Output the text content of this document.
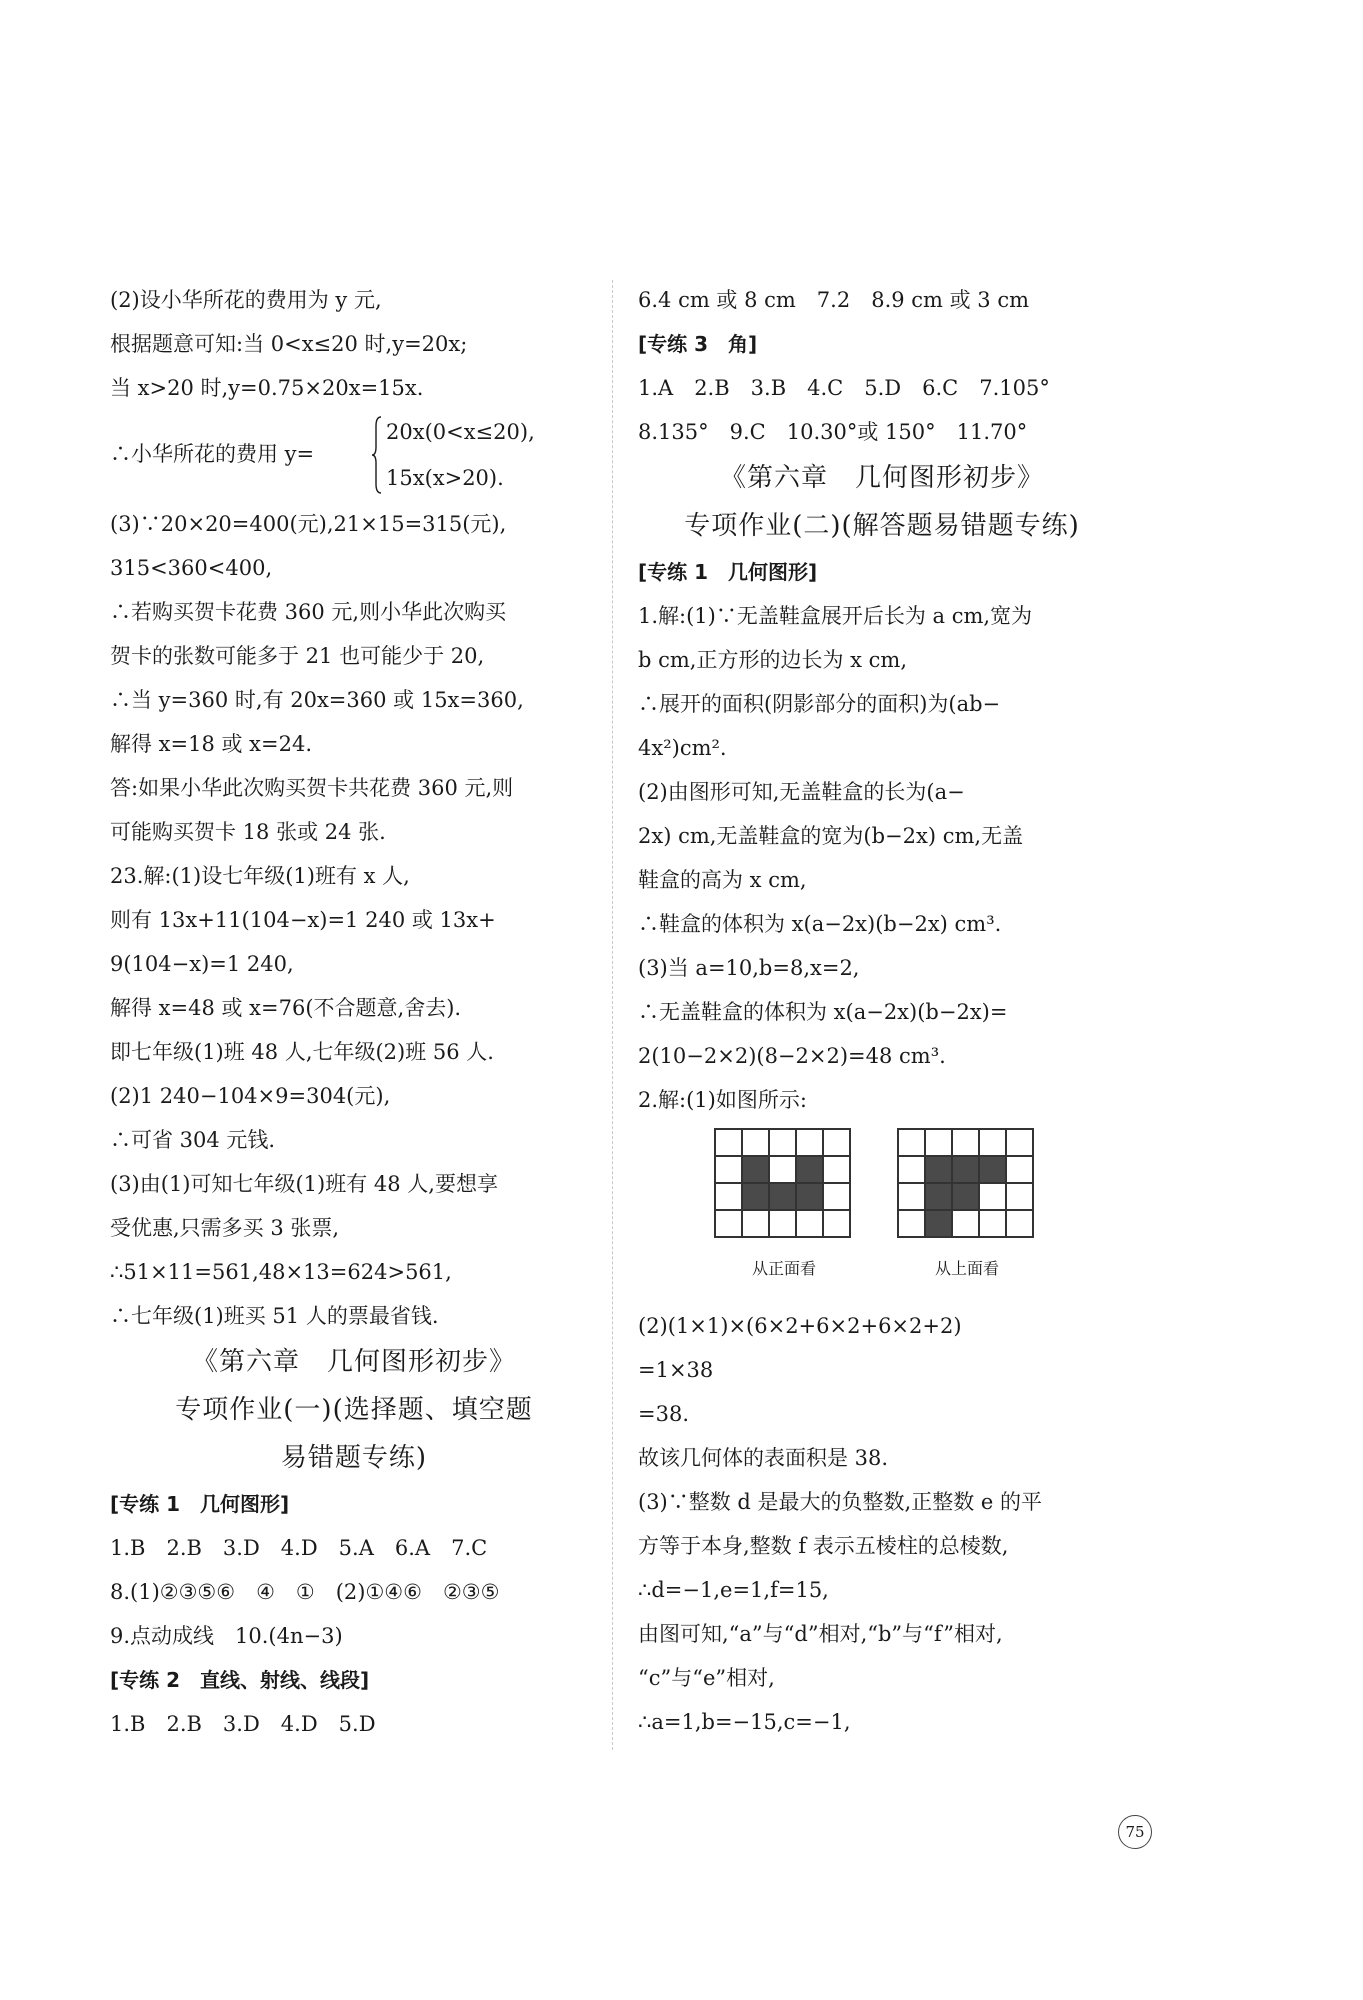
(2)设小华所花的费用为 y 元,
根据题意可知:当 0<x≤20 时,y=20x;
当 x>20 时,y=0.75×20x=15x.
∴小华所花的费用 y=
20x(0<x≤20),
15x(x>20).
(3)∵20×20=400(元),21×15=315(元),
315<360<400,
∴若购买贺卡花费 360 元,则小华此次购买
贺卡的张数可能多于 21 也可能少于 20,
∴当 y=360 时,有 20x=360 或 15x=360,
解得 x=18 或 x=24.
答:如果小华此次购买贺卡共花费 360 元,则
可能购买贺卡 18 张或 24 张.
23.解:(1)设七年级(1)班有 x 人,
则有 13x+11(104−x)=1 240 或 13x+
9(104−x)=1 240,
解得 x=48 或 x=76(不合题意,舍去).
即七年级(1)班 48 人,七年级(2)班 56 人.
(2)1 240−104×9=304(元),
∴可省 304 元钱.
(3)由(1)可知七年级(1)班有 48 人,要想享
受优惠,只需多买 3 张票,
∴51×11=561,48×13=624>561,
∴七年级(1)班买 51 人的票最省钱.
《第六章　几何图形初步》
专项作业(一)(选择题、填空题
易错题专练)
[专练 1　几何图形]
1.B　2.B　3.D　4.D　5.A　6.A　7.C
8.(1)②③⑤⑥　④　①　(2)①④⑥　②③⑤
9.点动成线　10.(4n−3)
[专练 2　直线、射线、线段]
1.B　2.B　3.D　4.D　5.D
6.4 cm 或 8 cm　7.2　8.9 cm 或 3 cm
[专练 3　角]
1.A　2.B　3.B　4.C　5.D　6.C　7.105°
8.135°　9.C　10.30°或 150°　11.70°
《第六章　几何图形初步》
专项作业(二)(解答题易错题专练)
[专练 1　几何图形]
1.解:(1)∵无盖鞋盒展开后长为 a cm,宽为
b cm,正方形的边长为 x cm,
∴展开的面积(阴影部分的面积)为(ab−
4x²)cm².
(2)由图形可知,无盖鞋盒的长为(a−
2x) cm,无盖鞋盒的宽为(b−2x) cm,无盖
鞋盒的高为 x cm,
∴鞋盒的体积为 x(a−2x)(b−2x) cm³.
(3)当 a=10,b=8,x=2,
∴无盖鞋盒的体积为 x(a−2x)(b−2x)=
2(10−2×2)(8−2×2)=48 cm³.
2.解:(1)如图所示:
从正面看	从上面看
(2)(1×1)×(6×2+6×2+6×2+2)
=1×38
=38.
故该几何体的表面积是 38.
(3)∵整数 d 是最大的负整数,正整数 e 的平
方等于本身,整数 f 表示五棱柱的总棱数,
∴d=−1,e=1,f=15,
由图可知,“a”与“d”相对,“b”与“f”相对,
“c”与“e”相对,
∴a=1,b=−15,c=−1,
75
